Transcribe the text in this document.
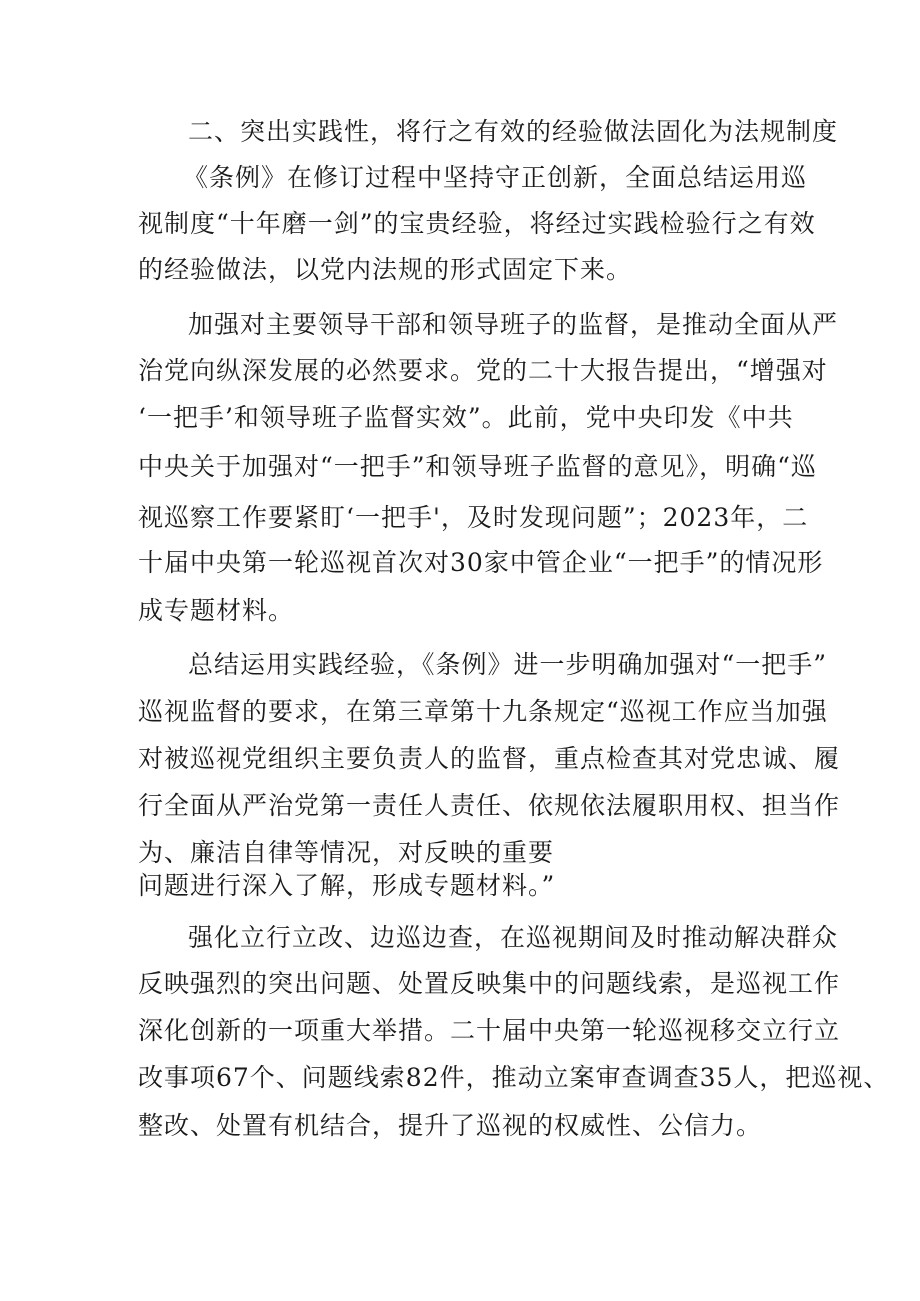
二、突出实践性，将行之有效的经验做法固化为法规制度
《条例》在修订过程中坚持守正创新，全面总结运用巡
视制度“十年磨一剑”的宝贵经验，将经过实践检验行之有效
的经验做法，以党内法规的形式固定下来。
加强对主要领导干部和领导班子的监督，是推动全面从严
治党向纵深发展的必然要求。党的二十大报告提出，“增强对
‘一把手’和领导班子监督实效”。此前，党中央印发《中共
中央关于加强对“一把手”和领导班子监督的意见》，明确“巡
视巡察工作要紧盯‘一把手'，及时发现问题”；2023年，二
十届中央第一轮巡视首次对30家中管企业“一把手”的情况形
成专题材料。
总结运用实践经验，《条例》进一步明确加强对“一把手”
巡视监督的要求，在第三章第十九条规定“巡视工作应当加强
对被巡视党组织主要负责人的监督，重点检查其对党忠诚、履
行全面从严治党第一责任人责任、依规依法履职用权、担当作
为、廉洁自律等情况，对反映的重要
问题进行深入了解，形成专题材料。”
强化立行立改、边巡边查，在巡视期间及时推动解决群众
反映强烈的突出问题、处置反映集中的问题线索，是巡视工作
深化创新的一项重大举措。二十届中央第一轮巡视移交立行立
改事项67个、问题线索82件，推动立案审查调查35人，把巡视、
整改、处置有机结合，提升了巡视的权威性、公信力。
